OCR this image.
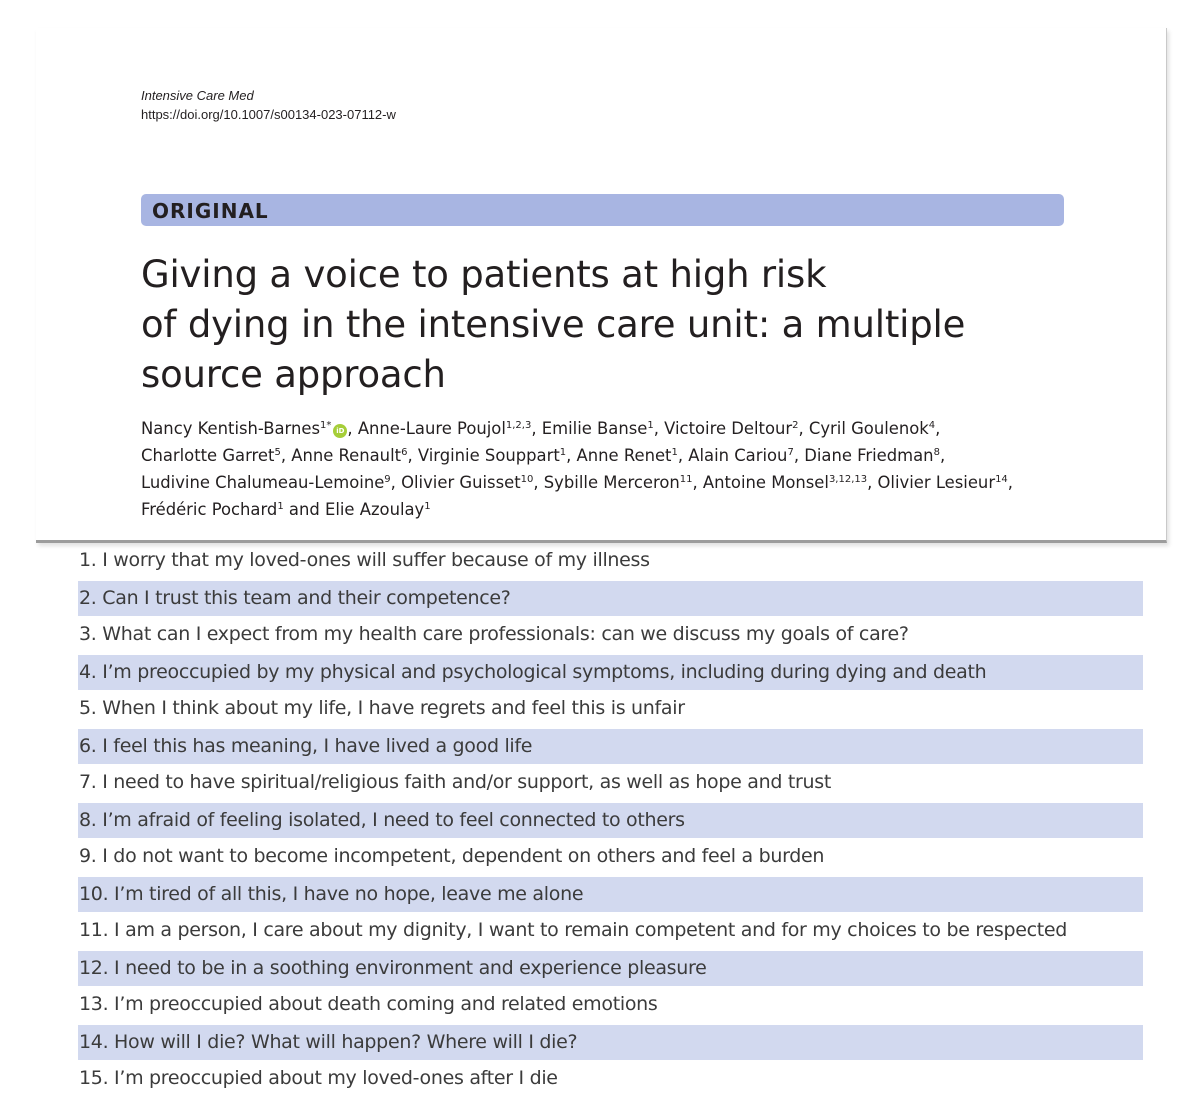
Intensive Care Med
https://doi.org/10.1007/s00134-023-07112-w
ORIGINAL
Giving a voice to patients at high risk
of dying in the intensive care unit: a multiple
source approach
Nancy Kentish-Barnes$^{1*}$ iD , Anne-Laure Poujol$^{1,2,3}$, Emilie Banse$^1$, Victoire Deltour$^2$, Cyril Goulenok$^4$,
Charlotte Garret$^5$, Anne Renault$^6$, Virginie Souppart$^1$, Anne Renet$^1$, Alain Cariou$^7$, Diane Friedman$^8$,
Ludivine Chalumeau-Lemoine$^9$, Olivier Guisset$^{10}$, Sybille Merceron$^{11}$, Antoine Monsel$^{3,12,13}$, Olivier Lesieur$^{14}$,
Frédéric Pochard$^1$ and Elie Azoulay$^1$
1. I worry that my loved-ones will suffer because of my illness
2. Can I trust this team and their competence?
3. What can I expect from my health care professionals: can we discuss my goals of care?
4. I’m preoccupied by my physical and psychological symptoms, including during dying and death
5. When I think about my life, I have regrets and feel this is unfair
6. I feel this has meaning, I have lived a good life
7. I need to have spiritual/religious faith and/or support, as well as hope and trust
8. I’m afraid of feeling isolated, I need to feel connected to others
9. I do not want to become incompetent, dependent on others and feel a burden
10. I’m tired of all this, I have no hope, leave me alone
11. I am a person, I care about my dignity, I want to remain competent and for my choices to be respected
12. I need to be in a soothing environment and experience pleasure
13. I’m preoccupied about death coming and related emotions
14. How will I die? What will happen? Where will I die?
15. I’m preoccupied about my loved-ones after I die
